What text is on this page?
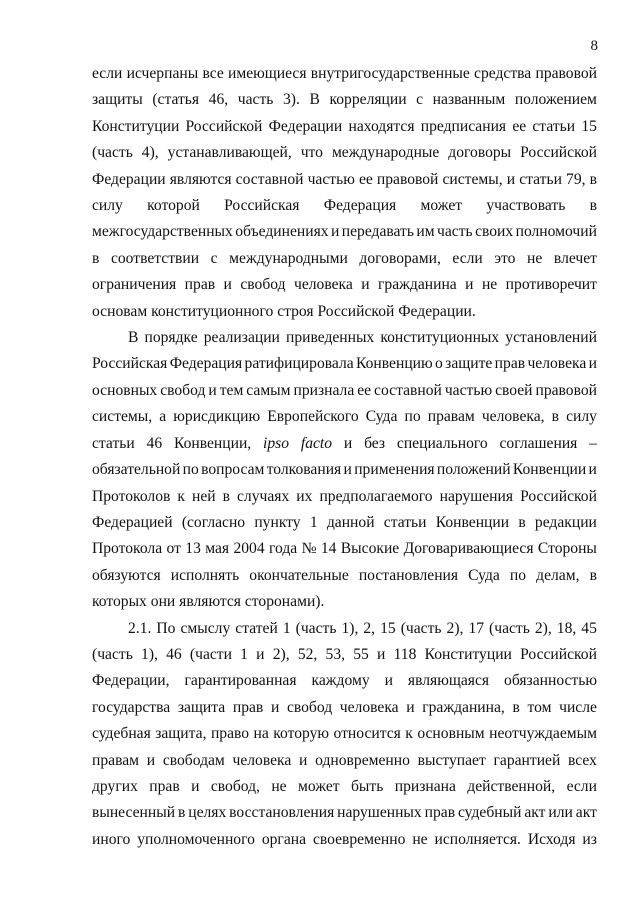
8
если исчерпаны все имеющиеся внутригосударственные средства правовой
защиты (статья 46, часть 3). В корреляции с названным положением
Конституции Российской Федерации находятся предписания ее статьи 15
(часть 4), устанавливающей, что международные договоры Российской
Федерации являются составной частью ее правовой системы, и статьи 79, в
силу которой Российская Федерация может участвовать в
межгосударственных объединениях и передавать им часть своих полномочий
в соответствии с международными договорами, если это не влечет
ограничения прав и свобод человека и гражданина и не противоречит
основам конституционного строя Российской Федерации.
В порядке реализации приведенных конституционных установлений
Российская Федерация ратифицировала Конвенцию о защите прав человека и
основных свобод и тем самым признала ее составной частью своей правовой
системы, а юрисдикцию Европейского Суда по правам человека, в силу
статьи 46 Конвенции, ipso facto и без специального соглашения –
обязательной по вопросам толкования и применения положений Конвенции и
Протоколов к ней в случаях их предполагаемого нарушения Российской
Федерацией (согласно пункту 1 данной статьи Конвенции в редакции
Протокола от 13 мая 2004 года № 14 Высокие Договаривающиеся Стороны
обязуются исполнять окончательные постановления Суда по делам, в
которых они являются сторонами).
2.1. По смыслу статей 1 (часть 1), 2, 15 (часть 2), 17 (часть 2), 18, 45
(часть 1), 46 (части 1 и 2), 52, 53, 55 и 118 Конституции Российской
Федерации, гарантированная каждому и являющаяся обязанностью
государства защита прав и свобод человека и гражданина, в том числе
судебная защита, право на которую относится к основным неотчуждаемым
правам и свободам человека и одновременно выступает гарантией всех
других прав и свобод, не может быть признана действенной, если
вынесенный в целях восстановления нарушенных прав судебный акт или акт
иного уполномоченного органа своевременно не исполняется. Исходя из
